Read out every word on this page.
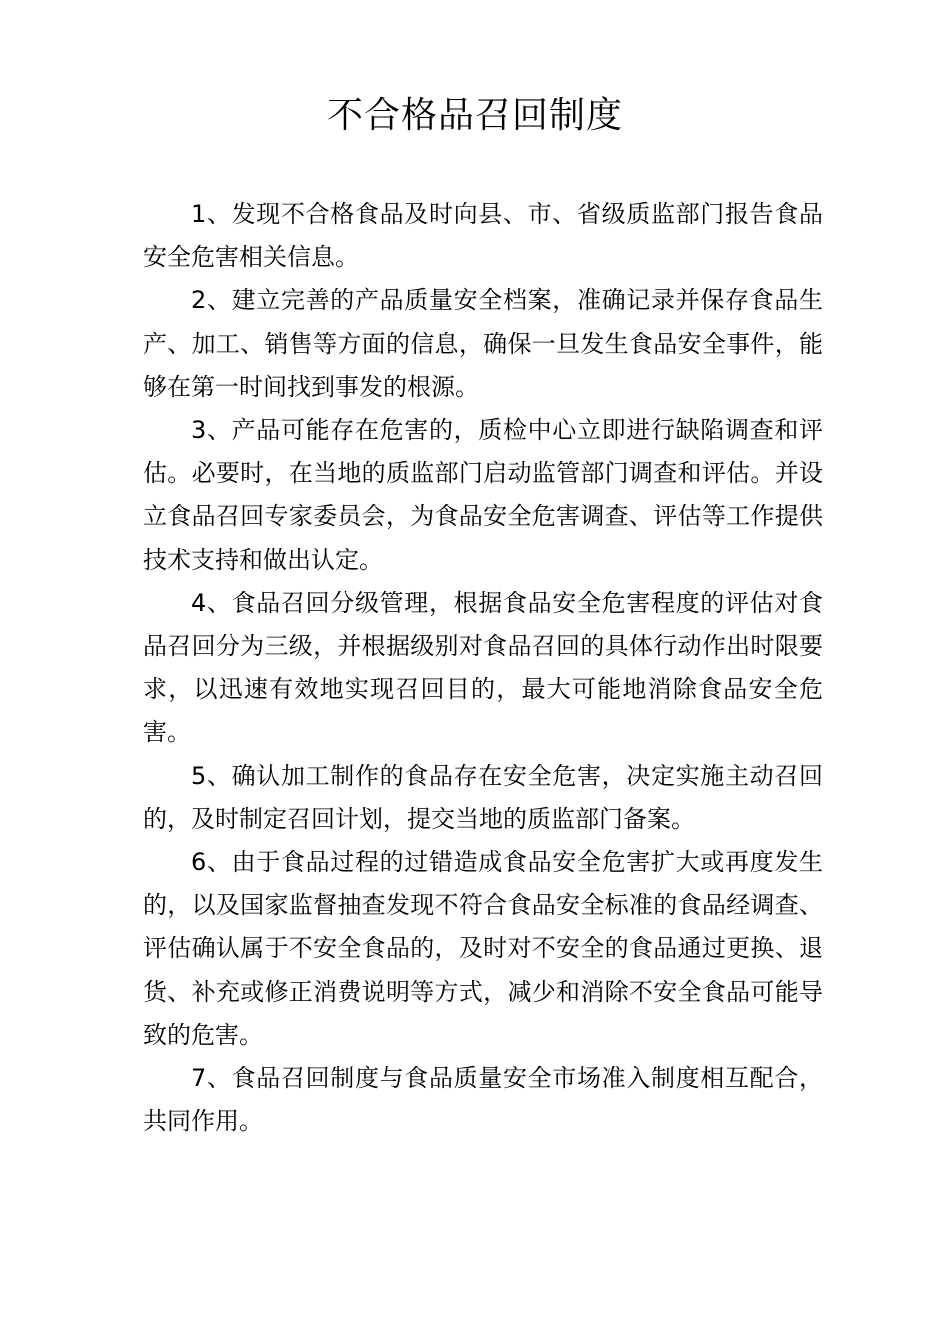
不合格品召回制度

1、发现不合格食品及时向县、市、省级质监部门报告食品安全危害相关信息。

2、建立完善的产品质量安全档案，准确记录并保存食品生产、加工、销售等方面的信息，确保一旦发生食品安全事件，能够在第一时间找到事发的根源。

3、产品可能存在危害的，质检中心立即进行缺陷调查和评估。必要时，在当地的质监部门启动监管部门调查和评估。并设立食品召回专家委员会，为食品安全危害调查、评估等工作提供技术支持和做出认定。

4、食品召回分级管理，根据食品安全危害程度的评估对食品召回分为三级，并根据级别对食品召回的具体行动作出时限要求，以迅速有效地实现召回目的，最大可能地消除食品安全危害。

5、确认加工制作的食品存在安全危害，决定实施主动召回的，及时制定召回计划，提交当地的质监部门备案。

6、由于食品过程的过错造成食品安全危害扩大或再度发生的，以及国家监督抽查发现不符合食品安全标准的食品经调查、评估确认属于不安全食品的，及时对不安全的食品通过更换、退货、补充或修正消费说明等方式，减少和消除不安全食品可能导致的危害。

7、食品召回制度与食品质量安全市场准入制度相互配合，共同作用。
